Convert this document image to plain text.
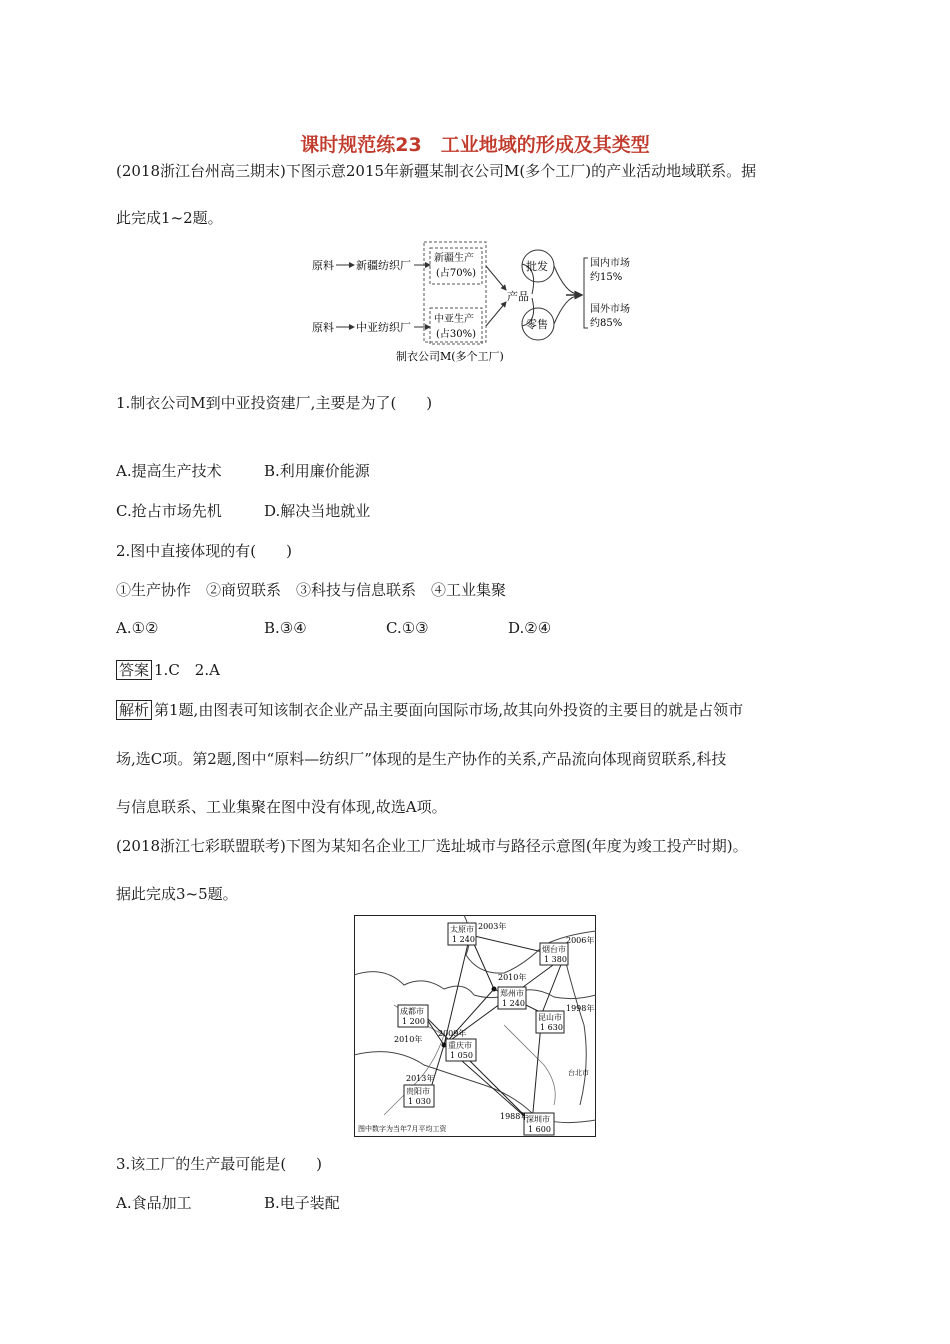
课时规范练23　工业地域的形成及其类型
(2018浙江台州高三期末)下图示意2015年新疆某制衣公司M(多个工厂)的产业活动地域联系。据
此完成1~2题。
原料 新疆纺织厂
原料 中亚纺织厂
新疆生产
(占70%)
中亚生产
(占30%)
制衣公司M(多个工厂)
产品
批发
零售
国内市场
约15%
国外市场
约85%
1.制衣公司M到中亚投资建厂,主要是为了(　　)
A.提高生产技术	B.利用廉价能源
C.抢占市场先机	D.解决当地就业
2.图中直接体现的有(　　)
①生产协作　②商贸联系　③科技与信息联系　④工业集聚
A.①②	B.③④	C.①③	D.②④
答案 1.C　2.A
解析 第1题,由图表可知该制衣企业产品主要面向国际市场,故其向外投资的主要目的就是占领市
场,选C项。第2题,图中“原料—纺织厂”体现的是生产协作的关系,产品流向体现商贸联系,科技
与信息联系、工业集聚在图中没有体现,故选A项。
(2018浙江七彩联盟联考)下图为某知名企业工厂选址城市与路径示意图(年度为竣工投产时期)。
据此完成3~5题。
太原市
1 240
2003年
烟台市
1 380
2006年
郑州市
1 240
2010年
昆山市
1 630
1998年
成都市
1 200
2010年
重庆市
1 050
2009年
贵阳市
1 030
2013年
深圳市
1 600
1988年
台北市
图中数字为当年7月平均工资
3.该工厂的生产最可能是(　　)
A.食品加工	B.电子装配
